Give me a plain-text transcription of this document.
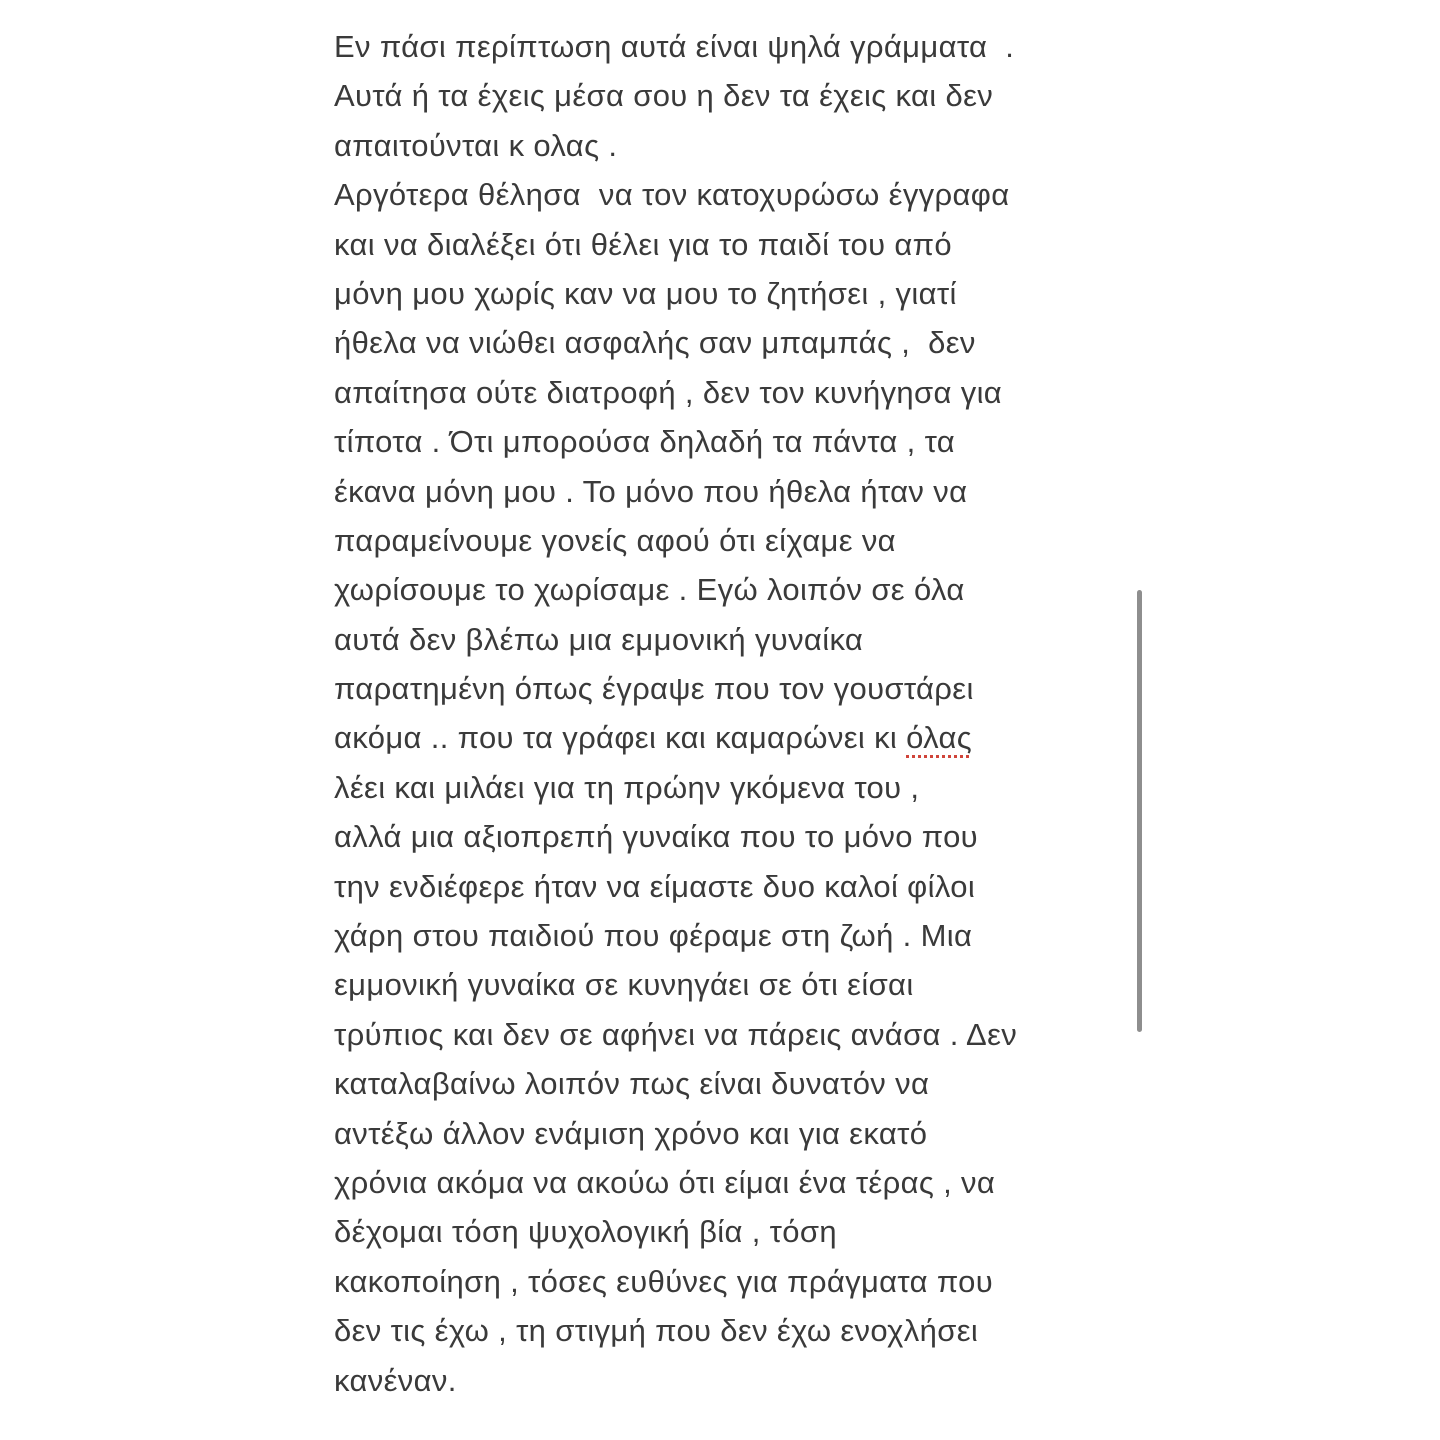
Εν πάσι περίπτωση αυτά είναι ψηλά γράμματα  .
Αυτά ή τα έχεις μέσα σου η δεν τα έχεις και δεν
απαιτούνται κ ολας .
Αργότερα θέλησα  να τον κατοχυρώσω έγγραφα
και να διαλέξει ότι θέλει για το παιδί του από
μόνη μου χωρίς καν να μου το ζητήσει , γιατί
ήθελα να νιώθει ασφαλής σαν μπαμπάς ,  δεν
απαίτησα ούτε διατροφή , δεν τον κυνήγησα για
τίποτα . Ότι μπορούσα δηλαδή τα πάντα , τα
έκανα μόνη μου . Το μόνο που ήθελα ήταν να
παραμείνουμε γονείς αφού ότι είχαμε να
χωρίσουμε το χωρίσαμε . Εγώ λοιπόν σε όλα
αυτά δεν βλέπω μια εμμονική γυναίκα
παρατημένη όπως έγραψε που τον γουστάρει
ακόμα .. που τα γράφει και καμαρώνει κι όλας
λέει και μιλάει για τη πρώην γκόμενα του ,
αλλά μια αξιοπρεπή γυναίκα που το μόνο που
την ενδιέφερε ήταν να είμαστε δυο καλοί φίλοι
χάρη στου παιδιού που φέραμε στη ζωή . Μια
εμμονική γυναίκα σε κυνηγάει σε ότι είσαι
τρύπιος και δεν σε αφήνει να πάρεις ανάσα . Δεν
καταλαβαίνω λοιπόν πως είναι δυνατόν να
αντέξω άλλον ενάμιση χρόνο και για εκατό
χρόνια ακόμα να ακούω ότι είμαι ένα τέρας , να
δέχομαι τόση ψυχολογική βία , τόση
κακοποίηση , τόσες ευθύνες για πράγματα που
δεν τις έχω , τη στιγμή που δεν έχω ενοχλήσει
κανέναν.
